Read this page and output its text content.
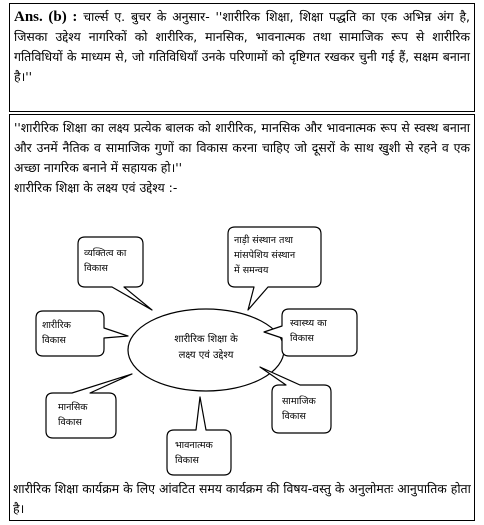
Ans. (b) : चार्ल्स ए. बुचर के अनुसार- ''शारीरिक शिक्षा, शिक्षा पद्धति का एक अभिन्न अंग है, जिसका उद्देश्य नागरिकों को शारीरिक, मानसिक, भावनात्मक तथा सामाजिक रूप से शारीरिक गतिविधियों के माध्यम से, जो गतिविधियाँ उनके परिणामों को दृष्टिगत रखकर चुनी गई हैं, सक्षम बनाना है।''

''शारीरिक शिक्षा का लक्ष्य प्रत्येक बालक को शारीरिक, मानसिक और भावनात्मक रूप से स्वस्थ बनाना और उनमें नैतिक व सामाजिक गुणों का विकास करना चाहिए जो दूसरों के साथ खुशी से रहने व एक अच्छा नागरिक बनाने में सहायक हो।''

शारीरिक शिक्षा के लक्ष्य एवं उद्देश्य :-

शारीरिक शिक्षा के
लक्ष्य एवं उद्देश्य
व्यक्तित्व का
विकास
नाड़ी संस्थान तथा
मांसपेशिय संस्थान
में समन्वय
शारीरिक
विकास
स्वास्थ्य का
विकास
मानसिक
विकास
सामाजिक
विकास
भावनात्मक
विकास

शारीरिक शिक्षा कार्यक्रम के लिए आंवटित समय कार्यक्रम की विषय-वस्तु के अनुलोमतः आनुपातिक होता है।
